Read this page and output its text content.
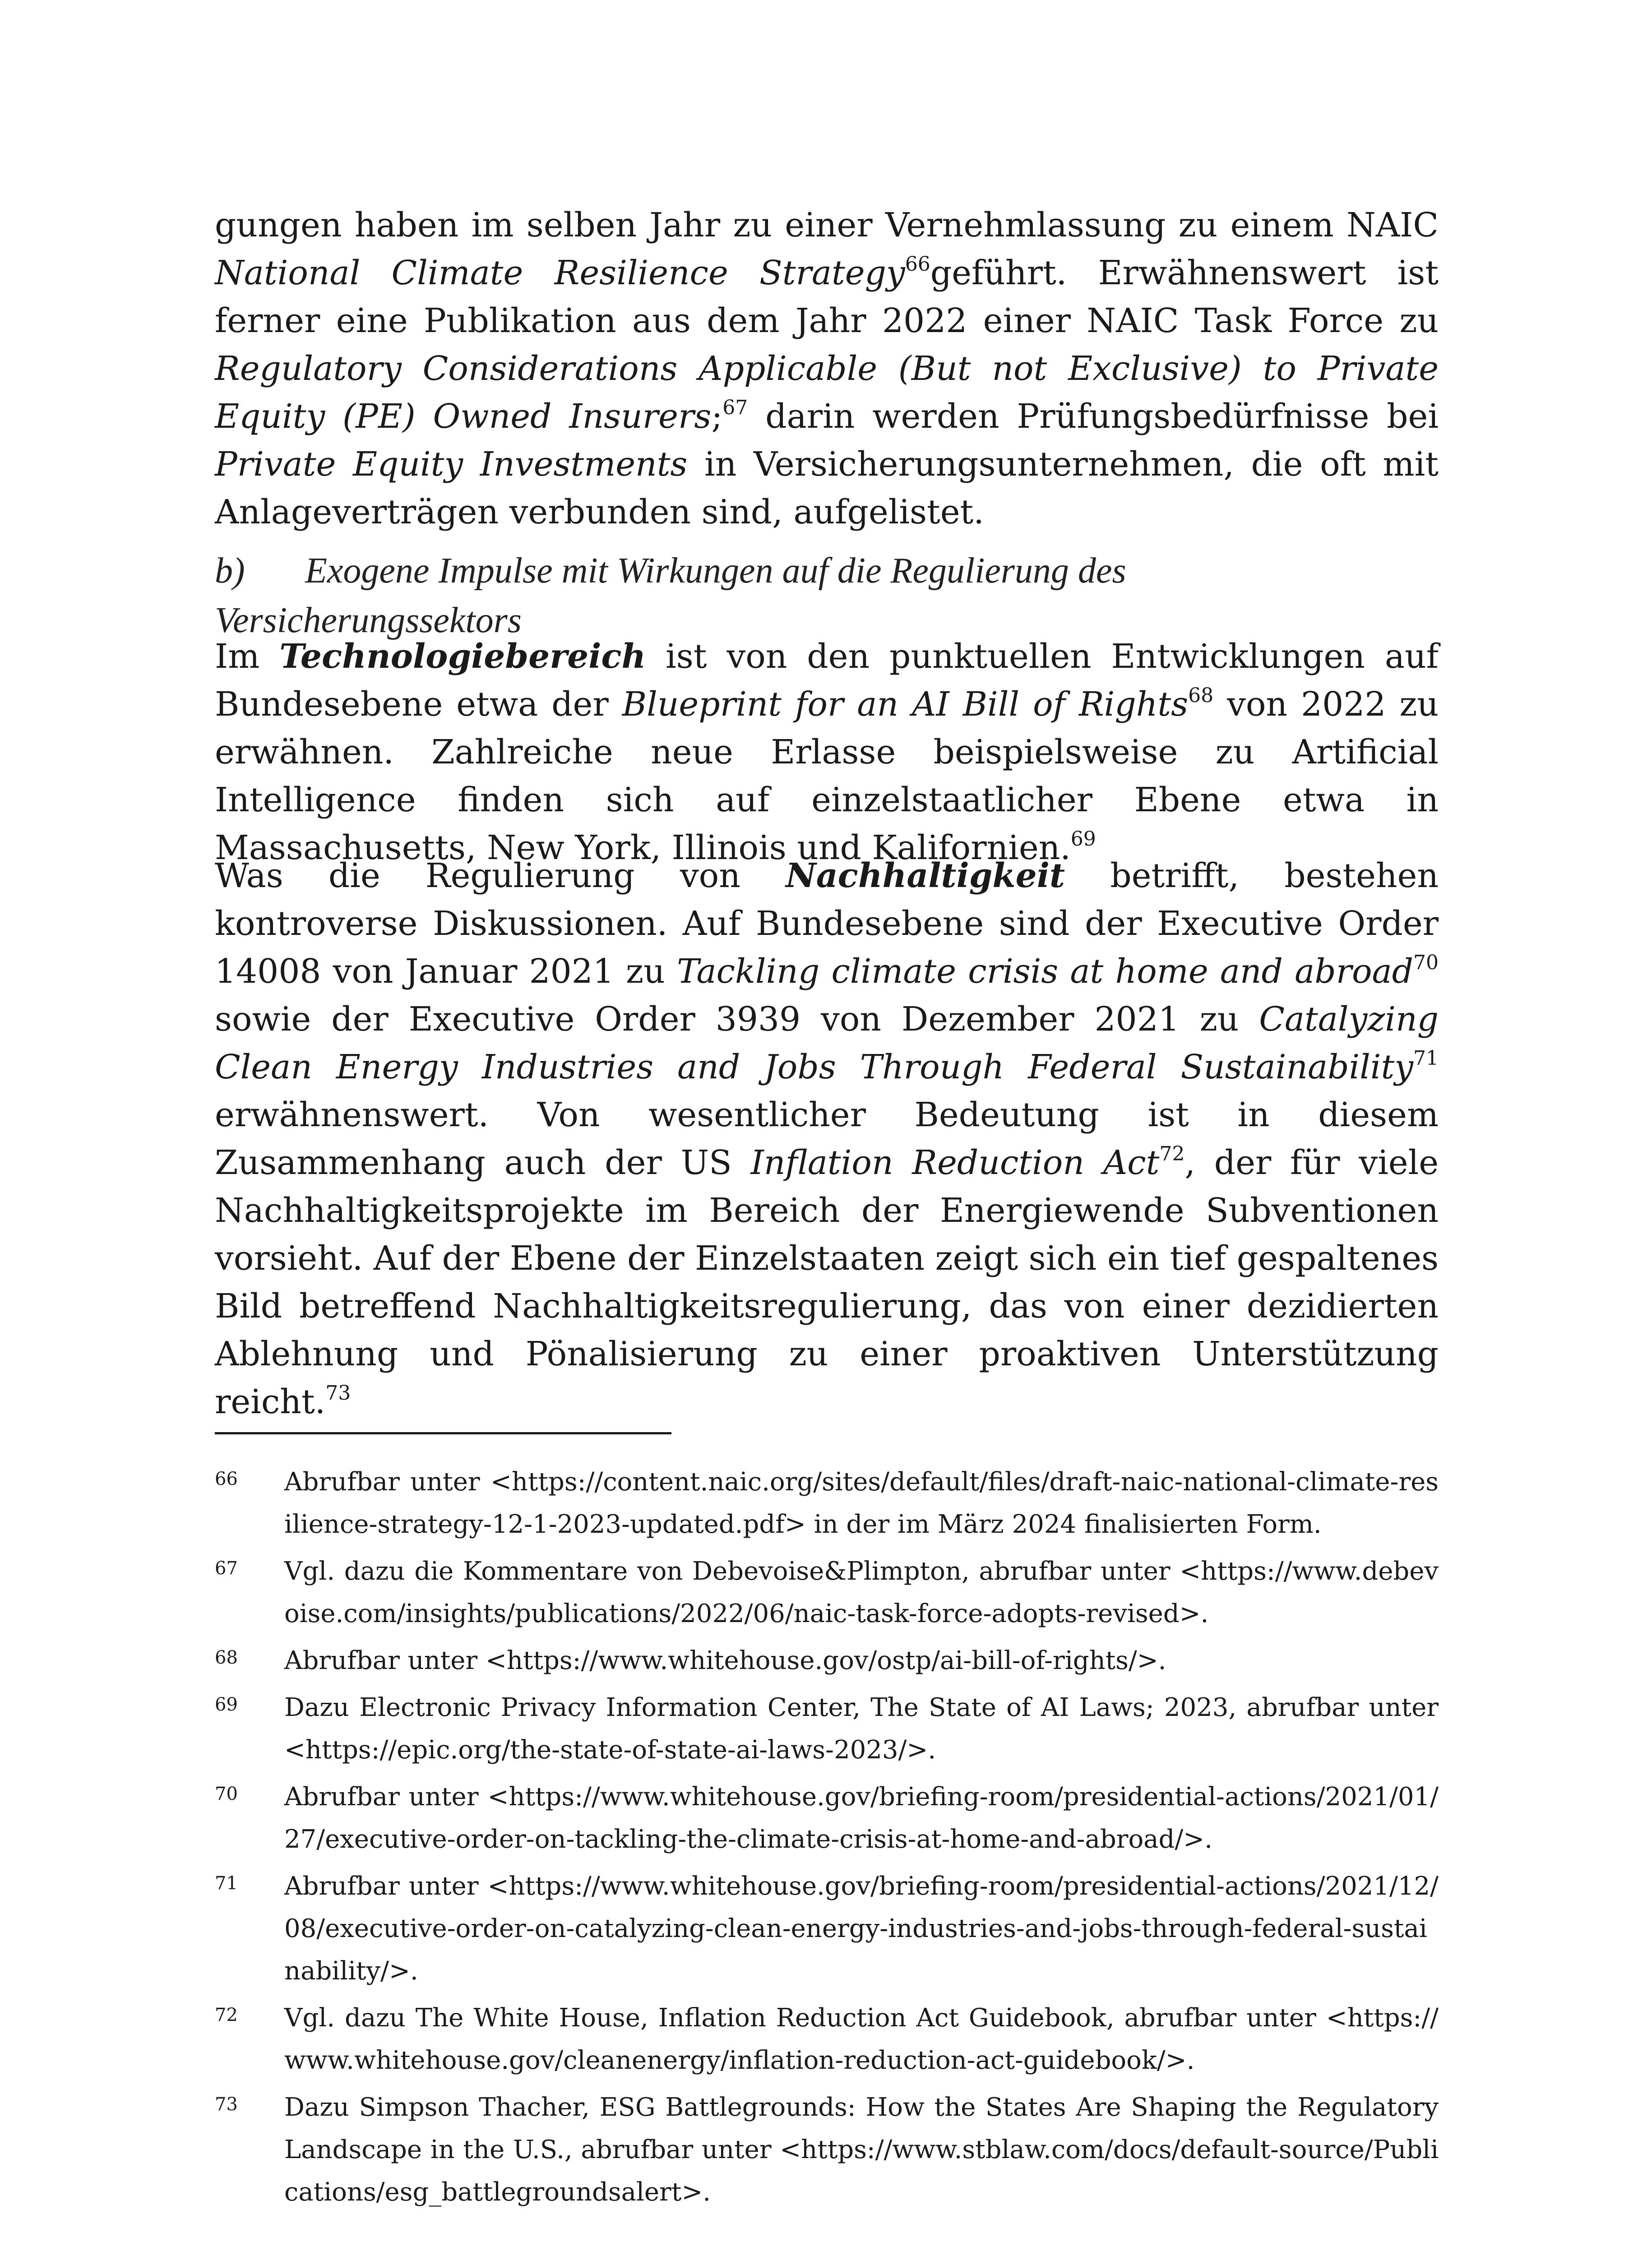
gungen haben im selben Jahr zu einer Vernehmlassung zu einem NAIC National Climate Resilience Strategy$^{66}$geführt. Erwähnenswert ist ferner eine Publikation aus dem Jahr 2022 einer NAIC Task Force zu Regulatory Considerations Applicable (But not Exclusive) to Private Equity (PE) Owned Insurers;$^{67}$ darin werden Prüfungsbedürfnisse bei Private Equity Investments in Versicherungsunternehmen, die oft mit Anlageverträgen verbunden sind, aufgelistet.

b) Exogene Impulse mit Wirkungen auf die Regulierung des Versicherungssektors

Im Technologiebereich ist von den punktuellen Entwicklungen auf Bundesebene etwa der Blueprint for an AI Bill of Rights$^{68}$ von 2022 zu erwähnen. Zahlreiche neue Erlasse beispielsweise zu Artificial Intelligence finden sich auf einzelstaatlicher Ebene etwa in Massachusetts, New York, Illinois und Kalifornien.$^{69}$

Was die Regulierung von Nachhaltigkeit betrifft, bestehen kontroverse Diskussionen. Auf Bundesebene sind der Executive Order 14008 von Januar 2021 zu Tackling climate crisis at home and abroad$^{70}$ sowie der Executive Order 3939 von Dezember 2021 zu Catalyzing Clean Energy Industries and Jobs Through Federal Sustainability$^{71}$ erwähnenswert. Von wesentlicher Bedeutung ist in diesem Zusammenhang auch der US Inflation Reduction Act$^{72}$, der für viele Nachhaltigkeitsprojekte im Bereich der Energiewende Subventionen vorsieht. Auf der Ebene der Einzelstaaten zeigt sich ein tief gespaltenes Bild betreffend Nachhaltigkeitsregulierung, das von einer dezidierten Ablehnung und Pönalisierung zu einer proaktiven Unterstützung reicht.$^{73}$

66	Abrufbar unter <https://content.naic.org/sites/default/files/draft-naic-national-climate-resilience-strategy-12-1-2023-updated.pdf> in der im März 2024 finalisierten Form.
67	Vgl. dazu die Kommentare von Debevoise&Plimpton, abrufbar unter <https://www.debevoise.com/insights/publications/2022/06/naic-task-force-adopts-revised>.
68	Abrufbar unter <https://www.whitehouse.gov/ostp/ai-bill-of-rights/>.
69	Dazu Electronic Privacy Information Center, The State of AI Laws; 2023, abrufbar unter <https://epic.org/the-state-of-state-ai-laws-2023/>.
70	Abrufbar unter <https://www.whitehouse.gov/briefing-room/presidential-actions/2021/01/27/executive-order-on-tackling-the-climate-crisis-at-home-and-abroad/>.
71	Abrufbar unter <https://www.whitehouse.gov/briefing-room/presidential-actions/2021/12/08/executive-order-on-catalyzing-clean-energy-industries-and-jobs-through-federal-sustainability/>.
72	Vgl. dazu The White House, Inflation Reduction Act Guidebook, abrufbar unter <https://www.whitehouse.gov/cleanenergy/inflation-reduction-act-guidebook/>.
73	Dazu Simpson Thacher, ESG Battlegrounds: How the States Are Shaping the Regulatory Landscape in the U.S., abrufbar unter <https://www.stblaw.com/docs/default-source/Publications/esg_battlegroundsalert>.
